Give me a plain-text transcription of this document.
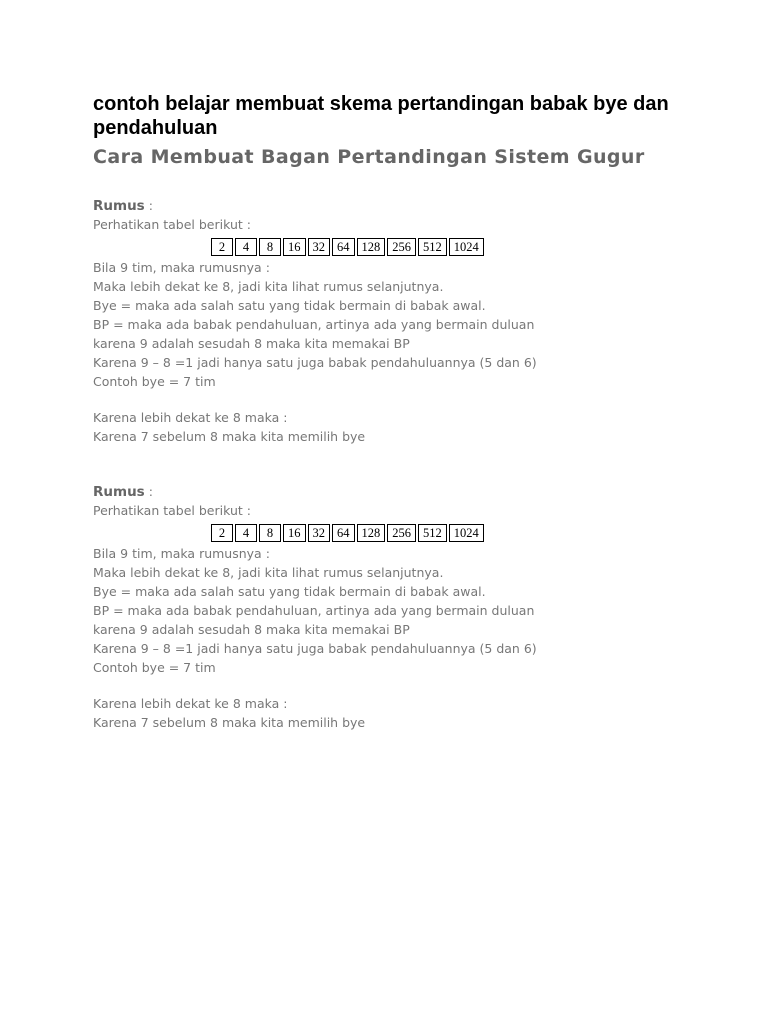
contoh belajar membuat skema pertandingan babak bye dan pendahuluan
Cara Membuat Bagan Pertandingan Sistem Gugur
Rumus :
Perhatikan tabel berikut :
2	4	8	16 32 64 128 256 512 1024
Bila 9 tim, maka rumusnya :
Maka lebih dekat ke 8, jadi kita lihat rumus selanjutnya.
Bye = maka ada salah satu yang tidak bermain di babak awal.
BP = maka ada babak pendahuluan, artinya ada yang bermain duluan
karena 9 adalah sesudah 8 maka kita memakai BP
Karena 9 – 8 =1 jadi hanya satu juga babak pendahuluannya (5 dan 6)
Contoh bye = 7 tim
Karena lebih dekat ke 8 maka :
Karena 7 sebelum 8 maka kita memilih bye
Rumus :
Perhatikan tabel berikut :
2	4	8	16 32 64 128 256 512 1024
Bila 9 tim, maka rumusnya :
Maka lebih dekat ke 8, jadi kita lihat rumus selanjutnya.
Bye = maka ada salah satu yang tidak bermain di babak awal.
BP = maka ada babak pendahuluan, artinya ada yang bermain duluan
karena 9 adalah sesudah 8 maka kita memakai BP
Karena 9 – 8 =1 jadi hanya satu juga babak pendahuluannya (5 dan 6)
Contoh bye = 7 tim
Karena lebih dekat ke 8 maka :
Karena 7 sebelum 8 maka kita memilih bye
